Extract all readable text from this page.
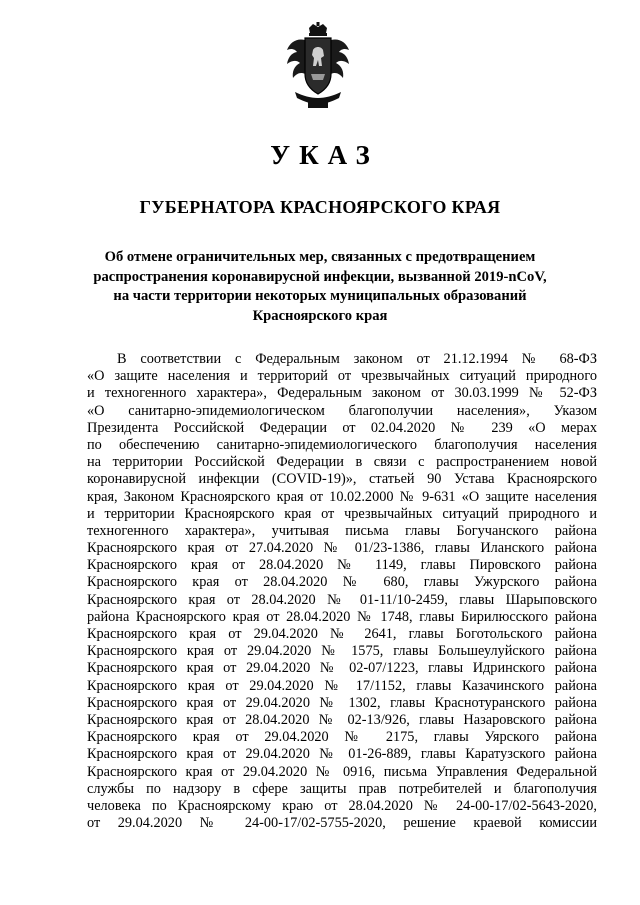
УКАЗ
ГУБЕРНАТОРА КРАСНОЯРСКОГО КРАЯ
Об отмене ограничительных мер, связанных с предотвращением
распространения коронавирусной инфекции, вызванной 2019-nCoV,
на части территории некоторых муниципальных образований
Красноярского края
В соответствии с Федеральным законом от 21.12.1994 № 68-ФЗ
«О защите населения и территорий от чрезвычайных ситуаций природного
и техногенного характера», Федеральным законом от 30.03.1999 № 52-ФЗ
«О санитарно-эпидемиологическом благополучии населения», Указом
Президента Российской Федерации от 02.04.2020 № 239 «О мерах
по обеспечению санитарно-эпидемиологического благополучия населения
на территории Российской Федерации в связи с распространением новой
коронавирусной инфекции (COVID-19)», статьей 90 Устава Красноярского
края, Законом Красноярского края от 10.02.2000 № 9-631 «О защите населения
и территории Красноярского края от чрезвычайных ситуаций природного и
техногенного характера», учитывая письма главы Богучанского района
Красноярского края от 27.04.2020 № 01/23-1386, главы Иланского района
Красноярского края от 28.04.2020 № 1149, главы Пировского района
Красноярского края от 28.04.2020 № 680, главы Ужурского района
Красноярского края от 28.04.2020 № 01-11/10-2459, главы Шарыповского
района Красноярского края от 28.04.2020 № 1748, главы Бирилюсского района
Красноярского края от 29.04.2020 № 2641, главы Боготольского района
Красноярского края от 29.04.2020 № 1575, главы Большеулуйского района
Красноярского края от 29.04.2020 № 02-07/1223, главы Идринского района
Красноярского края от 29.04.2020 № 17/1152, главы Казачинского района
Красноярского края от 29.04.2020 № 1302, главы Краснотуранского района
Красноярского края от 28.04.2020 № 02-13/926, главы Назаровского района
Красноярского края от 29.04.2020 № 2175, главы Уярского района
Красноярского края от 29.04.2020 № 01-26-889, главы Каратузского района
Красноярского края от 29.04.2020 № 0916, письма Управления Федеральной
службы по надзору в сфере защиты прав потребителей и благополучия
человека по Красноярскому краю от 28.04.2020 № 24-00-17/02-5643-2020,
от 29.04.2020 № 24-00-17/02-5755-2020, решение краевой комиссии
